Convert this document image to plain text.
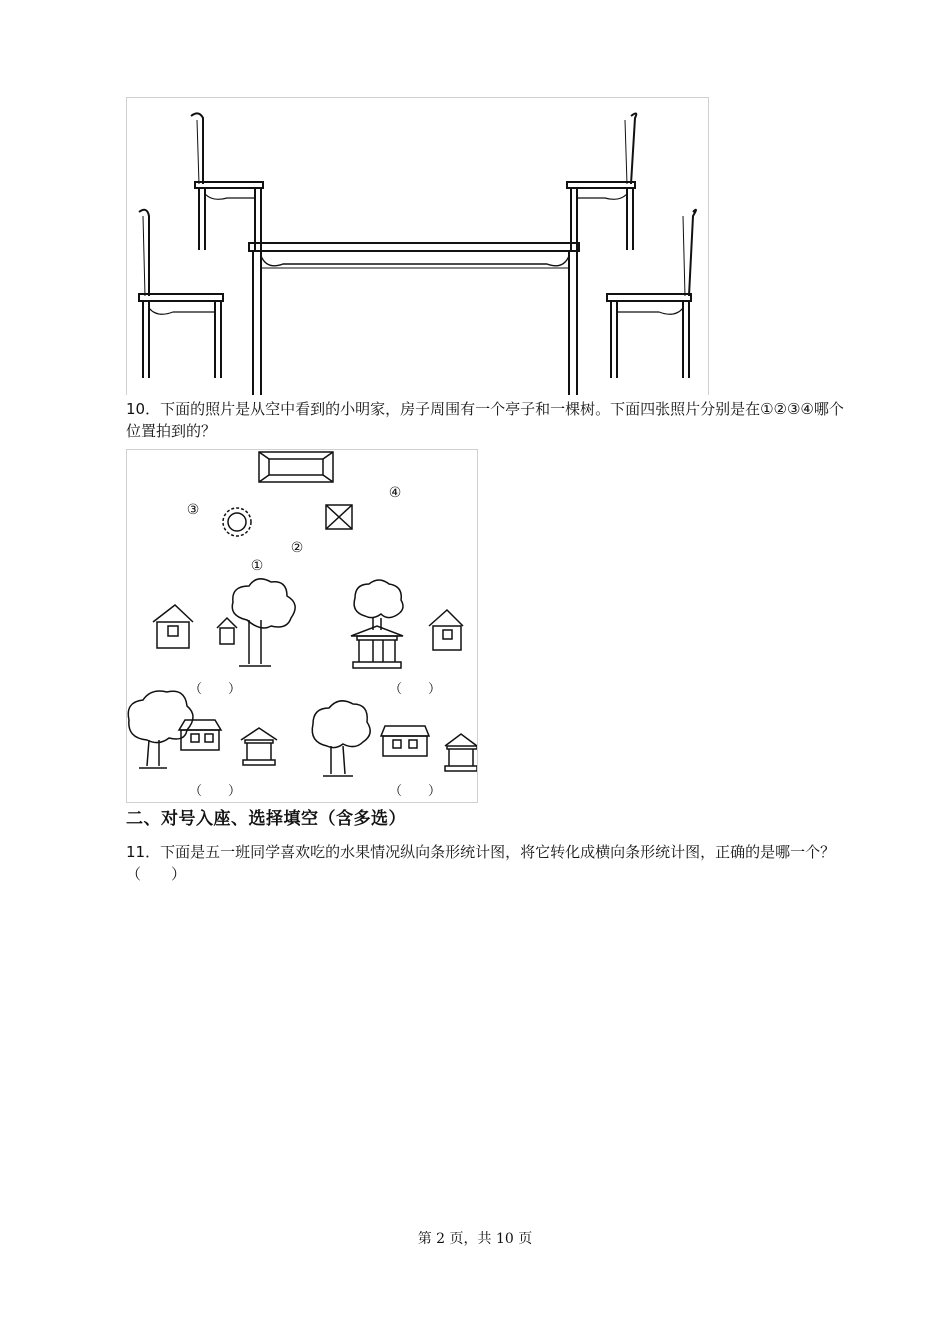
10．下面的照片是从空中看到的小明家，房子周围有一个亭子和一棵树。下面四张照片分别是在①②③④哪个
位置拍到的？
④
③
②
①
（　　）	（　　）
（　　）	（　　）
二、对号入座、选择填空（含多选）
11．下面是五一班同学喜欢吃的水果情况纵向条形统计图，将它转化成横向条形统计图，正确的是哪一个？
（　　）
第 2 页，共 10 页
